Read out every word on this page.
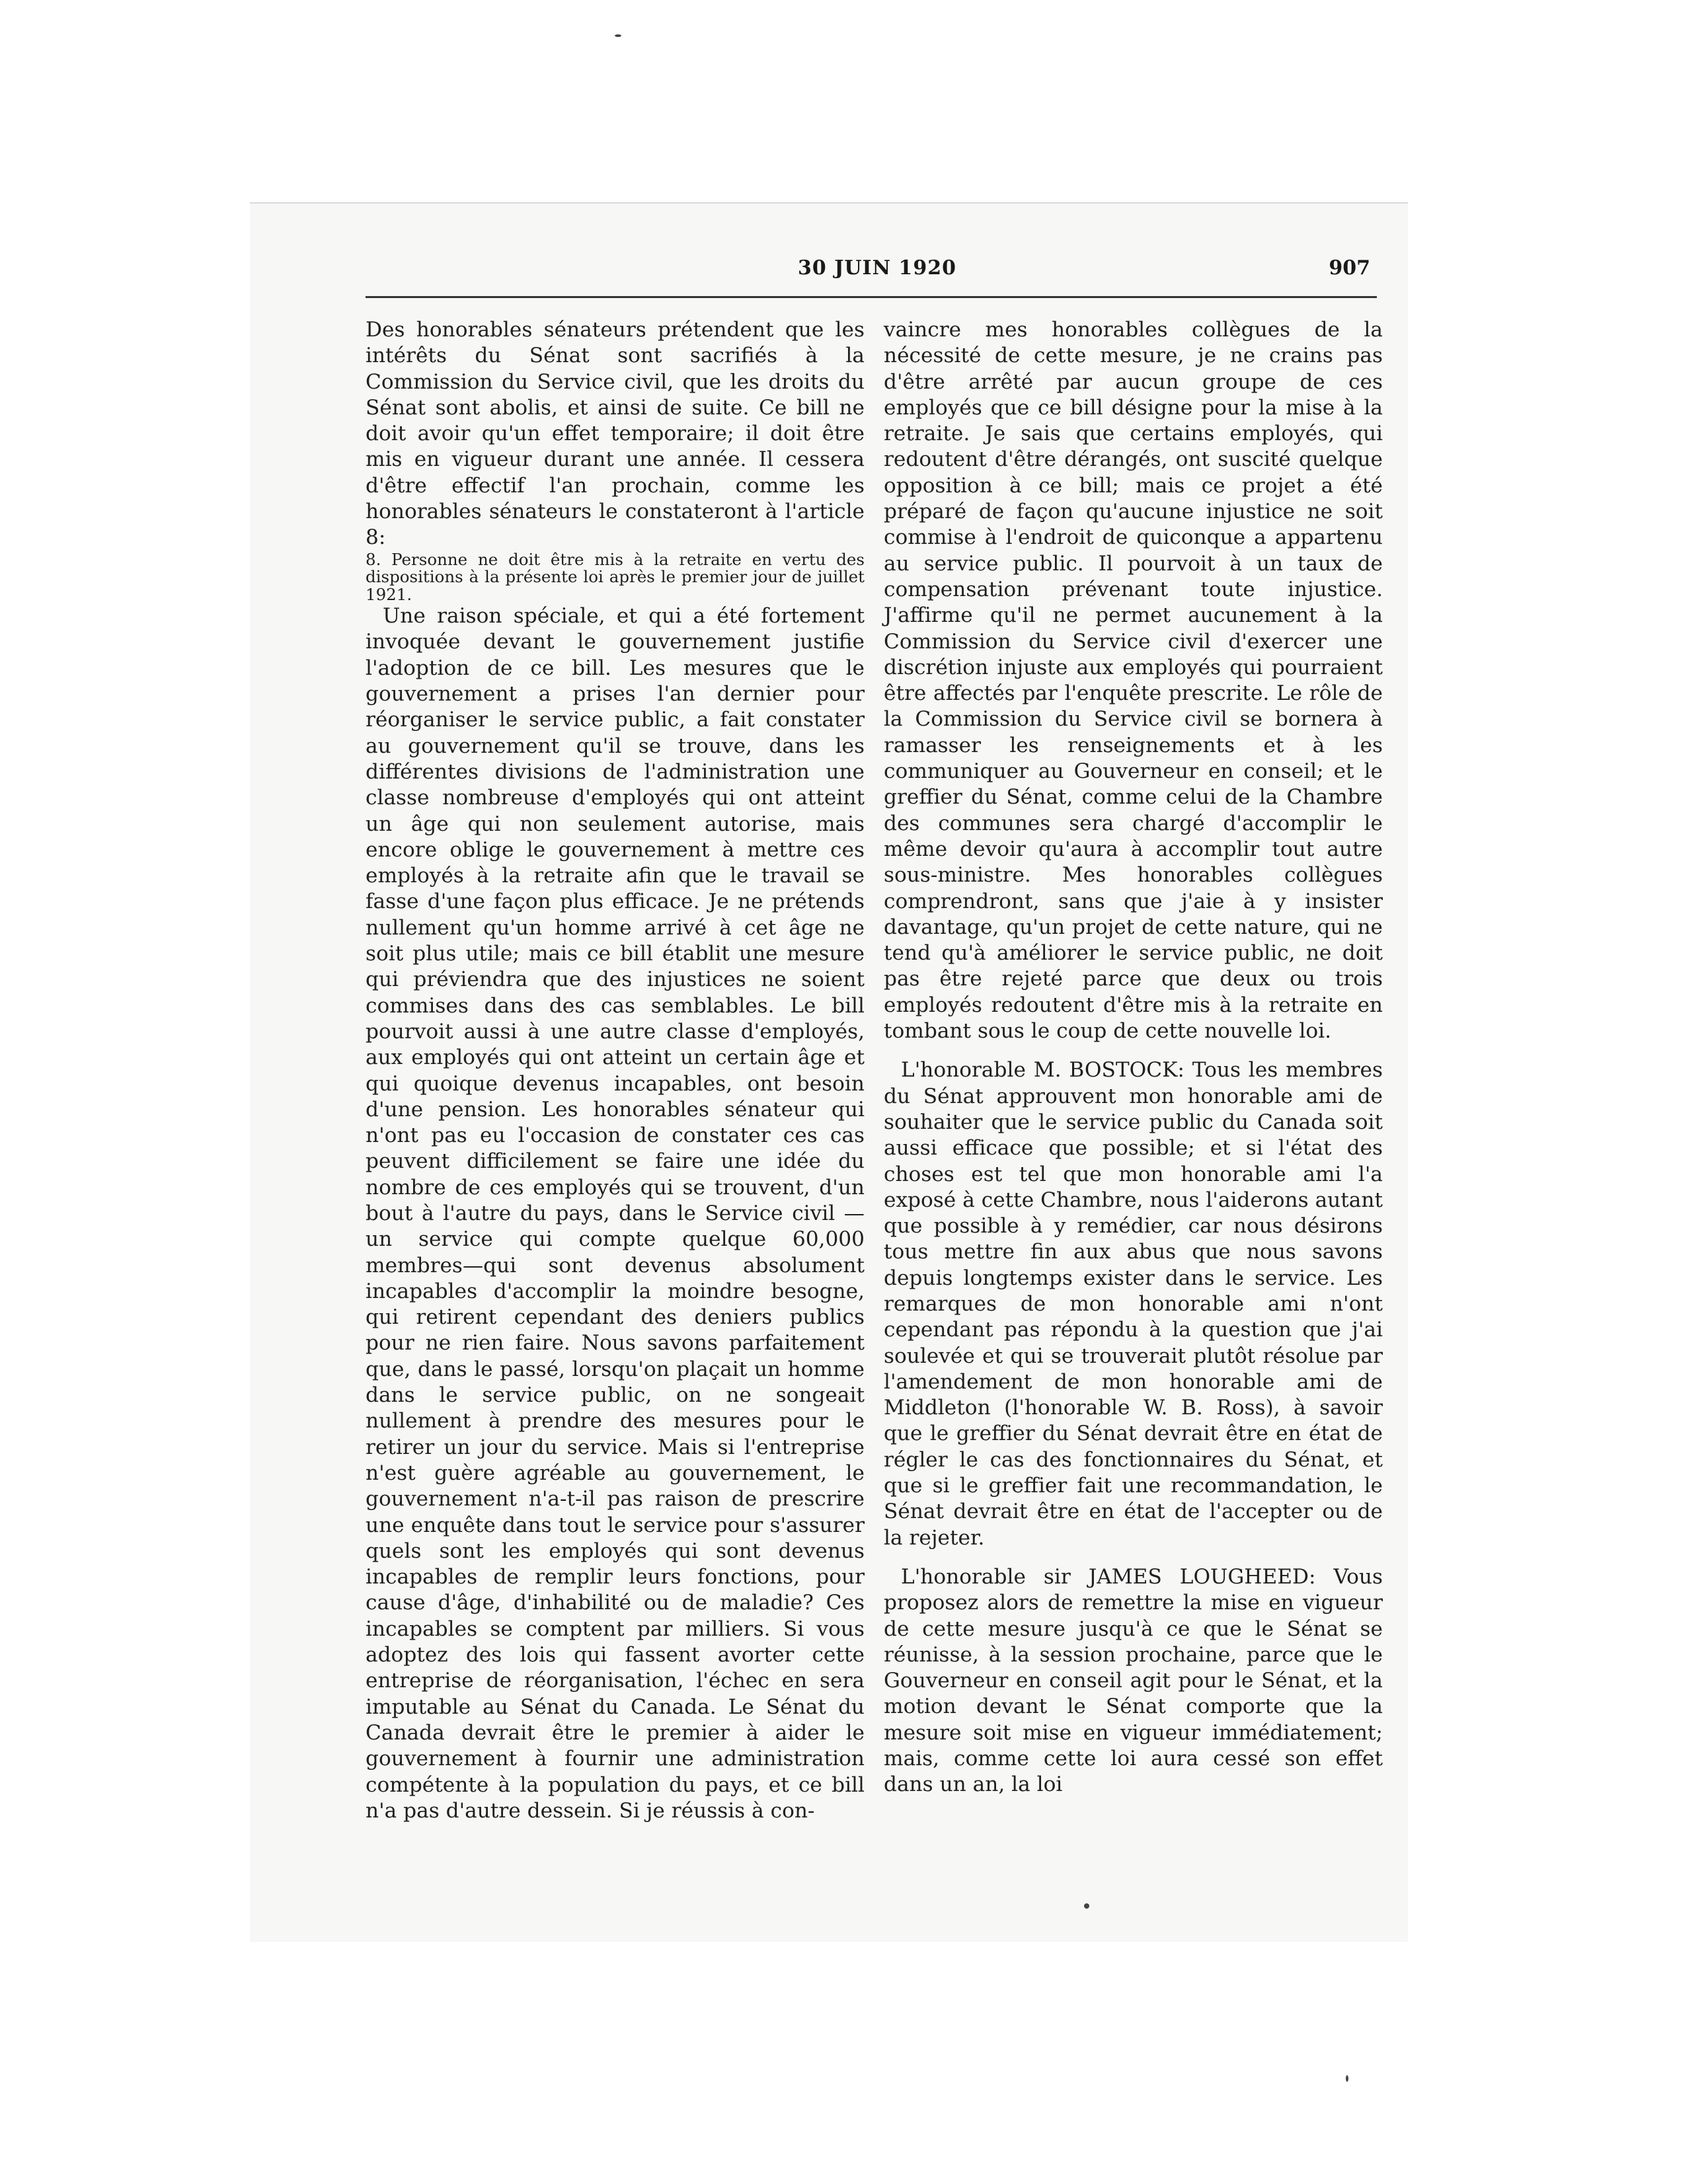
30 JUIN 1920	907

Des honorables sénateurs prétendent que les intérêts du Sénat sont sacrifiés à la Commission du Service civil, que les droits du Sénat sont abolis, et ainsi de suite. Ce bill ne doit avoir qu'un effet temporaire; il doit être mis en vigueur durant une année. Il cessera d'être effectif l'an prochain, comme les honorables sénateurs le constateront à l'article 8:

8. Personne ne doit être mis à la retraite en vertu des dispositions à la présente loi après le premier jour de juillet 1921.

Une raison spéciale, et qui a été fortement invoquée devant le gouvernement justifie l'adoption de ce bill. Les mesures que le gouvernement a prises l'an dernier pour réorganiser le service public, a fait constater au gouvernement qu'il se trouve, dans les différentes divisions de l'administration une classe nombreuse d'employés qui ont atteint un âge qui non seulement autorise, mais encore oblige le gouvernement à mettre ces employés à la retraite afin que le travail se fasse d'une façon plus efficace. Je ne prétends nullement qu'un homme arrivé à cet âge ne soit plus utile; mais ce bill établit une mesure qui préviendra que des injustices ne soient commises dans des cas semblables. Le bill pourvoit aussi à une autre classe d'employés, aux employés qui ont atteint un certain âge et qui quoique devenus incapables, ont besoin d'une pension. Les honorables sénateur qui n'ont pas eu l'occasion de constater ces cas peuvent difficilement se faire une idée du nombre de ces employés qui se trouvent, d'un bout à l'autre du pays, dans le Service civil —un service qui compte quelque 60,000 membres—qui sont devenus absolument incapables d'accomplir la moindre besogne, qui retirent cependant des deniers publics pour ne rien faire. Nous savons parfaitement que, dans le passé, lorsqu'on plaçait un homme dans le service public, on ne songeait nullement à prendre des mesures pour le retirer un jour du service. Mais si l'entreprise n'est guère agréable au gouvernement, le gouvernement n'a-t-il pas raison de prescrire une enquête dans tout le service pour s'assurer quels sont les employés qui sont devenus incapables de remplir leurs fonctions, pour cause d'âge, d'inhabilité ou de maladie? Ces incapables se comptent par milliers. Si vous adoptez des lois qui fassent avorter cette entreprise de réorganisation, l'échec en sera imputable au Sénat du Canada. Le Sénat du Canada devrait être le premier à aider le gouvernement à fournir une administration compétente à la population du pays, et ce bill n'a pas d'autre dessein. Si je réussis à con-

vaincre mes honorables collègues de la nécessité de cette mesure, je ne crains pas d'être arrêté par aucun groupe de ces employés que ce bill désigne pour la mise à la retraite. Je sais que certains employés, qui redoutent d'être dérangés, ont suscité quelque opposition à ce bill; mais ce projet a été préparé de façon qu'aucune injustice ne soit commise à l'endroit de quiconque a appartenu au service public. Il pourvoit à un taux de compensation prévenant toute injustice. J'affirme qu'il ne permet aucunement à la Commission du Service civil d'exercer une discrétion injuste aux employés qui pourraient être affectés par l'enquête prescrite. Le rôle de la Commission du Service civil se bornera à ramasser les renseignements et à les communiquer au Gouverneur en conseil; et le greffier du Sénat, comme celui de la Chambre des communes sera chargé d'accomplir le même devoir qu'aura à accomplir tout autre sous-ministre. Mes honorables collègues comprendront, sans que j'aie à y insister davantage, qu'un projet de cette nature, qui ne tend qu'à améliorer le service public, ne doit pas être rejeté parce que deux ou trois employés redoutent d'être mis à la retraite en tombant sous le coup de cette nouvelle loi.

L'honorable M. BOSTOCK: Tous les membres du Sénat approuvent mon honorable ami de souhaiter que le service public du Canada soit aussi efficace que possible; et si l'état des choses est tel que mon honorable ami l'a exposé à cette Chambre, nous l'aiderons autant que possible à y remédier, car nous désirons tous mettre fin aux abus que nous savons depuis longtemps exister dans le service. Les remarques de mon honorable ami n'ont cependant pas répondu à la question que j'ai soulevée et qui se trouverait plutôt résolue par l'amendement de mon honorable ami de Middleton (l'honorable W. B. Ross), à savoir que le greffier du Sénat devrait être en état de régler le cas des fonctionnaires du Sénat, et que si le greffier fait une recommandation, le Sénat devrait être en état de l'accepter ou de la rejeter.

L'honorable sir JAMES LOUGHEED: Vous proposez alors de remettre la mise en vigueur de cette mesure jusqu'à ce que le Sénat se réunisse, à la session prochaine, parce que le Gouverneur en conseil agit pour le Sénat, et la motion devant le Sénat comporte que la mesure soit mise en vigueur immédiatement; mais, comme cette loi aura cessé son effet dans un an, la loi
